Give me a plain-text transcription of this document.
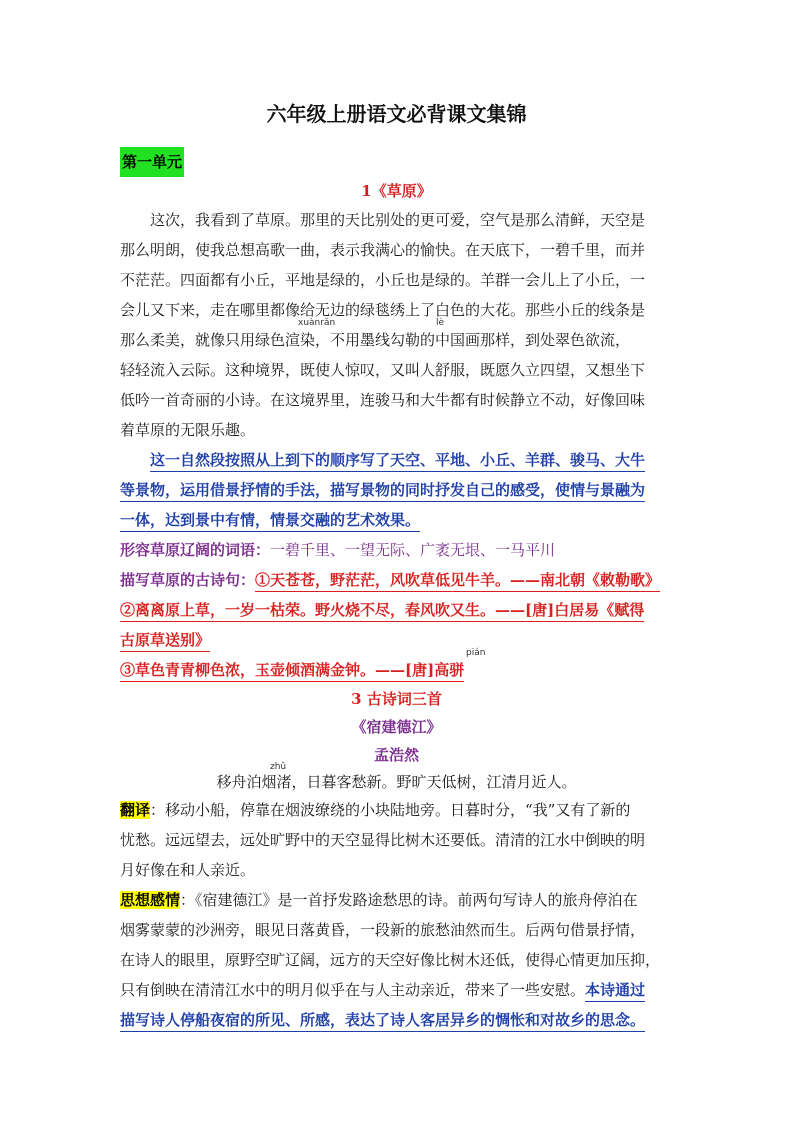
六年级上册语文必背课文集锦
第一单元
1《草原》
这次，我看到了草原。那里的天比别处的更可爱，空气是那么清鲜，天空是
那么明朗，使我总想高歌一曲，表示我满心的愉快。在天底下，一碧千里，而并
不茫茫。四面都有小丘，平地是绿的，小丘也是绿的。羊群一会儿上了小丘，一
会儿又下来，走在哪里都像给无边的绿毯绣上了白色的大花。那些小丘的线条是
xuànrǎn	lè
那么柔美，就像只用绿色渲染，不用墨线勾勒的中国画那样，到处翠色欲流，
轻轻流入云际。这种境界，既使人惊叹，又叫人舒服，既愿久立四望，又想坐下
低吟一首奇丽的小诗。在这境界里，连骏马和大牛都有时候静立不动，好像回味
着草原的无限乐趣。
这一自然段按照从上到下的顺序写了天空、平地、小丘、羊群、骏马、大牛
等景物，运用借景抒情的手法，描写景物的同时抒发自己的感受，使情与景融为
一体，达到景中有情，情景交融的艺术效果。
形容草原辽阔的词语：一碧千里、一望无际、广袤无垠、一马平川
描写草原的古诗句：①天苍苍，野茫茫，风吹草低见牛羊。——南北朝《敕勒歌》
②离离原上草，一岁一枯荣。野火烧不尽，春风吹又生。——[唐]白居易《赋得
古原草送别》
pián
③草色青青柳色浓，玉壶倾酒满金钟。——[唐]高骈
3 古诗词三首
《宿建德江》
孟浩然
zhǔ
移舟泊烟渚，日暮客愁新。野旷天低树，江清月近人。
翻译：移动小船，停靠在烟波缭绕的小块陆地旁。日暮时分，“我”又有了新的
忧愁。远远望去，远处旷野中的天空显得比树木还要低。清清的江水中倒映的明
月好像在和人亲近。
思想感情：《宿建德江》是一首抒发路途愁思的诗。前两句写诗人的旅舟停泊在
烟雾蒙蒙的沙洲旁，眼见日落黄昏，一段新的旅愁油然而生。后两句借景抒情，
在诗人的眼里，原野空旷辽阔，远方的天空好像比树木还低，使得心情更加压抑，
只有倒映在清清江水中的明月似乎在与人主动亲近，带来了一些安慰。本诗通过
描写诗人停船夜宿的所见、所感，表达了诗人客居异乡的惆怅和对故乡的思念。
